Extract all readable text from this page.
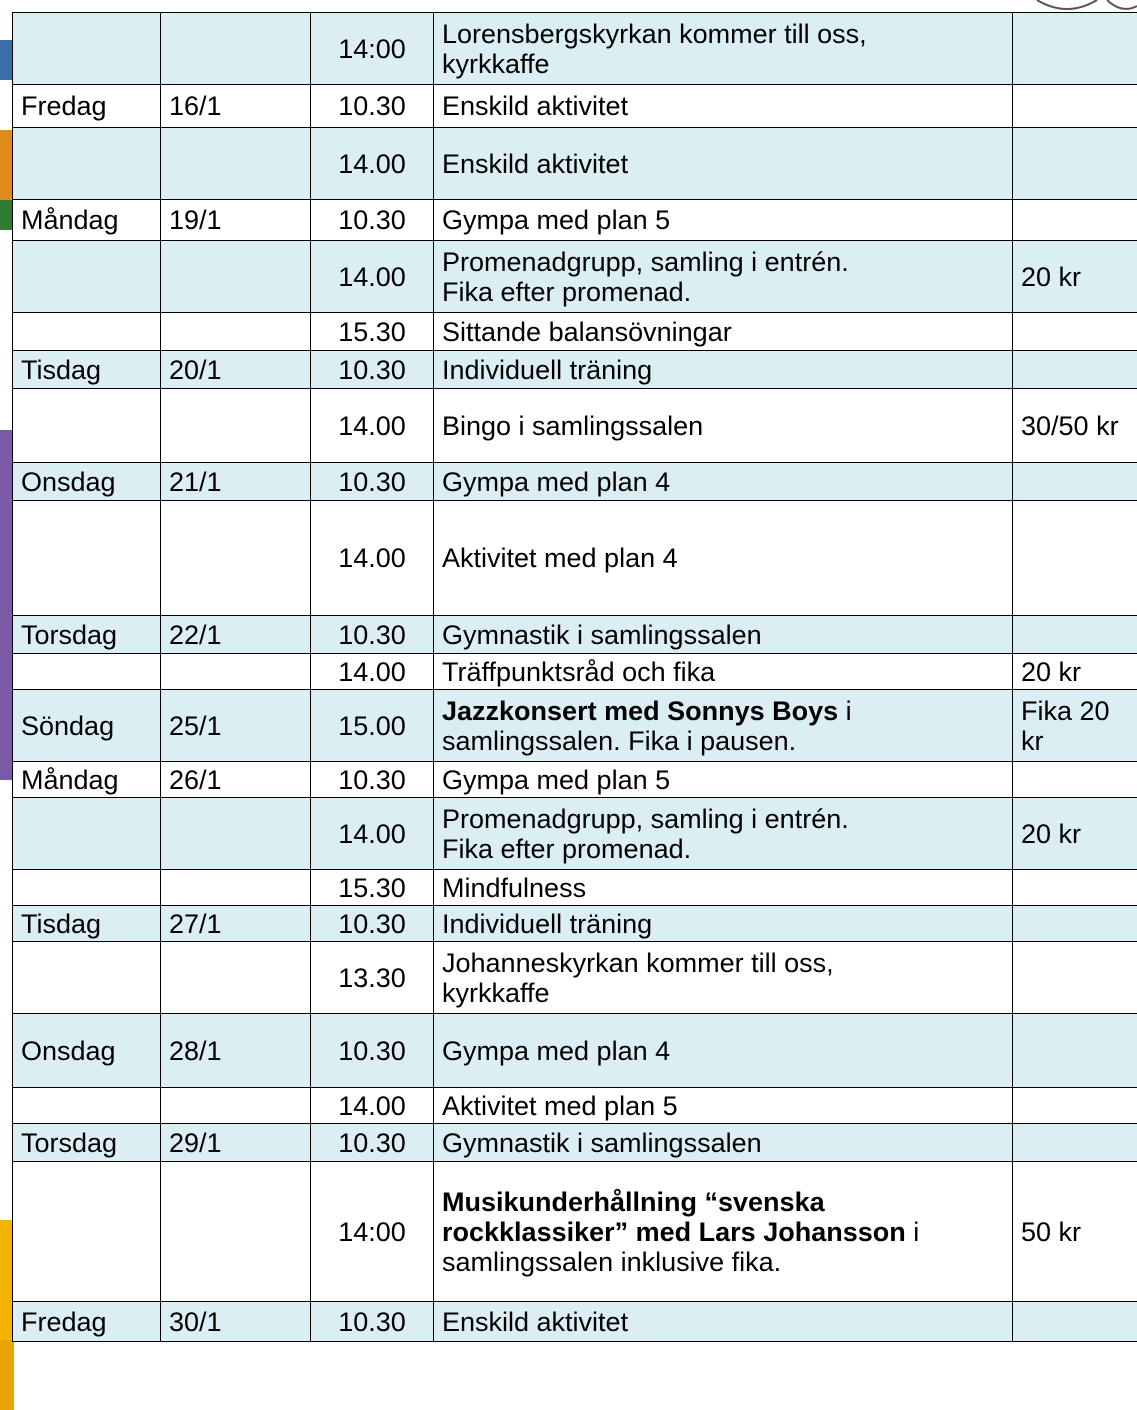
		14:00	Lorensbergskyrkan kommer till oss,
kyrkkaffe	

Fredag	16/1	10.30	Enskild aktivitet	

		14.00	Enskild aktivitet	

Måndag	19/1	10.30	Gympa med plan 5	

		14.00	Promenadgrupp, samling i entrén.
Fika efter promenad.	20 kr
		15.30	Sittande balansövningar	

Tisdag	20/1	10.30	Individuell träning	

		14.00	Bingo i samlingssalen	30/50 kr
Onsdag	21/1	10.30	Gympa med plan 4	

		14.00	Aktivitet med plan 4	

Torsdag	22/1	10.30	Gymnastik i samlingssalen	

		14.00	Träffpunktsråd och fika	20 kr
Söndag	25/1	15.00	Jazzkonsert med Sonnys Boys i samlingssalen. Fika i pausen.	Fika 20 kr
Måndag	26/1	10.30	Gympa med plan 5	

		14.00	Promenadgrupp, samling i entrén.
Fika efter promenad.	20 kr
		15.30	Mindfulness	

Tisdag	27/1	10.30	Individuell träning	

		13.30	Johanneskyrkan kommer till oss,
kyrkkaffe	

Onsdag	28/1	10.30	Gympa med plan 4	

		14.00	Aktivitet med plan 5	

Torsdag	29/1	10.30	Gymnastik i samlingssalen	

		14:00	Musikunderhållning “svenska rockklassiker” med Lars Johansson i samlingssalen inklusive fika.	50 kr
Fredag	30/1	10.30	Enskild aktivitet	
